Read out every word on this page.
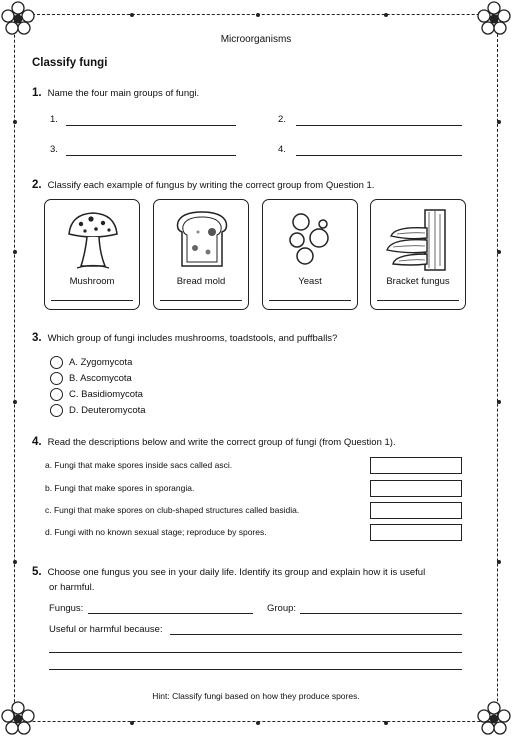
Microorganisms
Classify fungi
1. Name the four main groups of fungi.
1.	2.
3.	4.
2. Classify each example of fungus by writing the correct group from Question 1.
Mushroom	Bread mold	Yeast	Bracket fungus
3. Which group of fungi includes mushrooms, toadstools, and puffballs?
A. Zygomycota
B. Ascomycota
C. Basidiomycota
D. Deuteromycota
4. Read the descriptions below and write the correct group of fungi (from Question 1).
a. Fungi that make spores inside sacs called asci.
b. Fungi that make spores in sporangia.
c. Fungi that make spores on club-shaped structures called basidia.
d. Fungi with no known sexual stage; reproduce by spores.
5. Choose one fungus you see in your daily life. Identify its group and explain how it is useful
or harmful.
Fungus:	Group:
Useful or harmful because:
Hint: Classify fungi based on how they produce spores.
